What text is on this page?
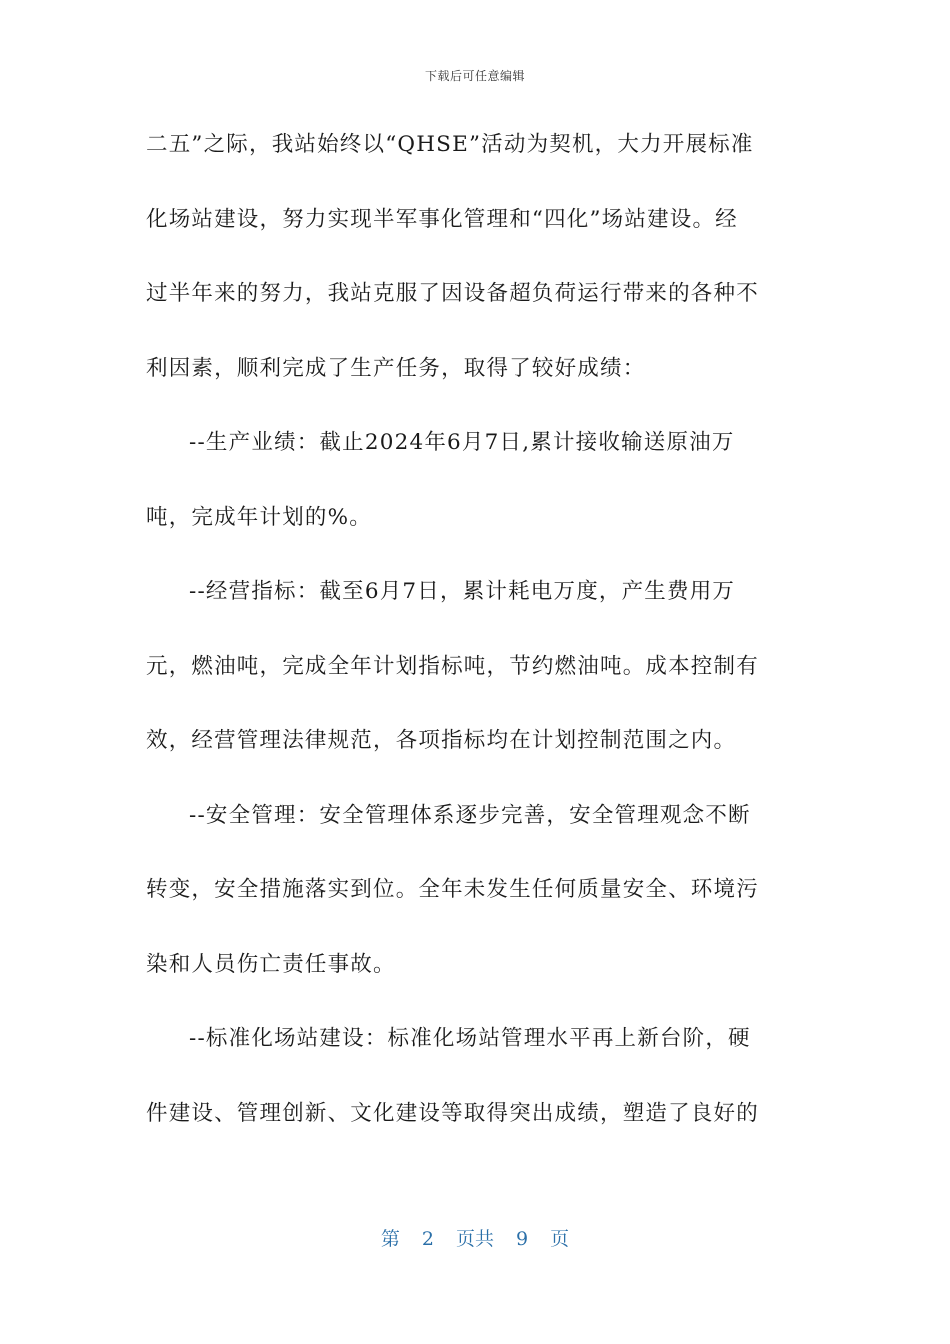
下载后可任意编辑
二五”之际，我站始终以“QHSE”活动为契机，大力开展标准
化场站建设，努力实现半军事化管理和“四化”场站建设。经
过半年来的努力，我站克服了因设备超负荷运行带来的各种不
利因素，顺利完成了生产任务，取得了较好成绩：
--生产业绩：截止2024年6月7日,累计接收输送原油万
吨，完成年计划的%。
--经营指标：截至6月7日，累计耗电万度，产生费用万
元，燃油吨，完成全年计划指标吨，节约燃油吨。成本控制有
效，经营管理法律规范，各项指标均在计划控制范围之内。
--安全管理：安全管理体系逐步完善，安全管理观念不断
转变，安全措施落实到位。全年未发生任何质量安全、环境污
染和人员伤亡责任事故。
--标准化场站建设：标准化场站管理水平再上新台阶，硬
件建设、管理创新、文化建设等取得突出成绩，塑造了良好的
第 2 页共 9 页
